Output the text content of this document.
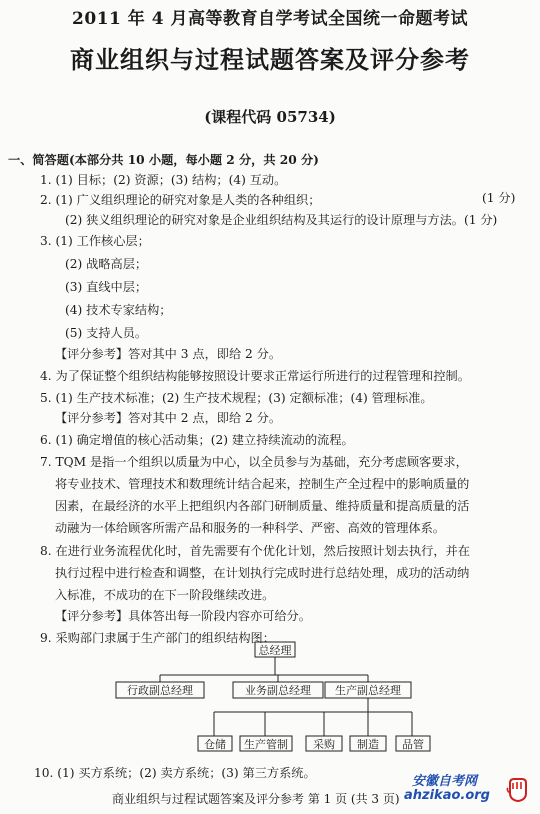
2011 年 4 月高等教育自学考试全国统一命题考试
商业组织与过程试题答案及评分参考
(课程代码 05734)
一、简答题(本部分共 10 小题，每小题 2 分，共 20 分)
1. (1) 目标；(2) 资源；(3) 结构；(4) 互动。
2. (1) 广义组织理论的研究对象是人类的各种组织；	(1 分)
(2) 狭义组织理论的研究对象是企业组织结构及其运行的设计原理与方法。(1 分)
3. (1) 工作核心层；
(2) 战略高层；
(3) 直线中层；
(4) 技术专家结构；
(5) 支持人员。
【评分参考】答对其中 3 点，即给 2 分。
4. 为了保证整个组织结构能够按照设计要求正常运行所进行的过程管理和控制。
5. (1) 生产技术标准；(2) 生产技术规程；(3) 定额标准；(4) 管理标准。
【评分参考】答对其中 2 点，即给 2 分。
6. (1) 确定增值的核心活动集；(2) 建立持续流动的流程。
7. TQM 是指一个组织以质量为中心，以全员参与为基础，充分考虑顾客要求，
将专业技术、管理技术和数理统计结合起来，控制生产全过程中的影响质量的
因素，在最经济的水平上把组织内各部门研制质量、维持质量和提高质量的活
动融为一体给顾客所需产品和服务的一种科学、严密、高效的管理体系。
8. 在进行业务流程优化时，首先需要有个优化计划，然后按照计划去执行，并在
执行过程中进行检查和调整，在计划执行完成时进行总结处理，成功的活动纳
入标准，不成功的在下一阶段继续改进。
【评分参考】具体答出每一阶段内容亦可给分。
9. 采购部门隶属于生产部门的组织结构图：
总经理
行政副总经理	业务副总经理 生产副总经理
仓储 生产管制 采购 制造 品管
10. (1) 买方系统；(2) 卖方系统；(3) 第三方系统。
安徽自考网
ahzikao.org
商业组织与过程试题答案及评分参考 第 1 页 (共 3 页)
